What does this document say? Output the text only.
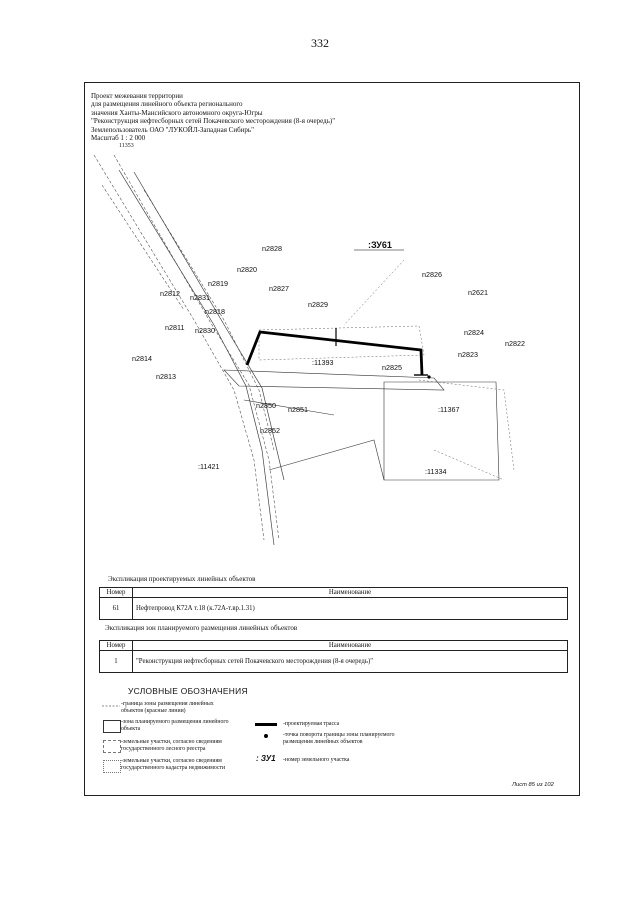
332
Проект межевания территории
для размещения линейного объекта регионального
значения Ханты-Мансийского автономного округа-Югры
"Реконструкция нефтесборных сетей Покачевского месторождения (8-я очередь)"
Землепользователь ОАО "ЛУКОЙЛ-Западная Сибирь"
Масштаб 1 : 2 000
11353
:ЗУ61
n2828
n2820
n2826
n2819
n2827	n2621
n2812 n2831
n2829
n2818
n2824
n2822
n2811 n2830
n2823
n2814
n2825
n2813
n2850 n2851
n2852
:11393
:11367
:11421
:11334
Экспликация проектируемых линейных объектов
Номер	Наименование
61	Нефтепровод К72А т.18 (к.72А-т.вр.1.31)
Экспликация зон планируемого размещения линейных объектов
Номер	Наименование
1	"Реконструкция нефтесборных сетей Покачевского месторождения (8-я очередь)"
УСЛОВНЫЕ ОБОЗНАЧЕНИЯ
-граница зоны размещения линейных объектов (красные линии)
-зона планируемого размещения линейного объекта
-земельные участки, согласно сведениям государственного лесного реестра
-земельные участки, согласно сведениям государственного кадастра недвижимости
-проектируемая трасса
-точка поворота границы зоны планируемого размещения линейных объектов
: ЗУ1 -номер земельного участка
Лист 85 из 102
